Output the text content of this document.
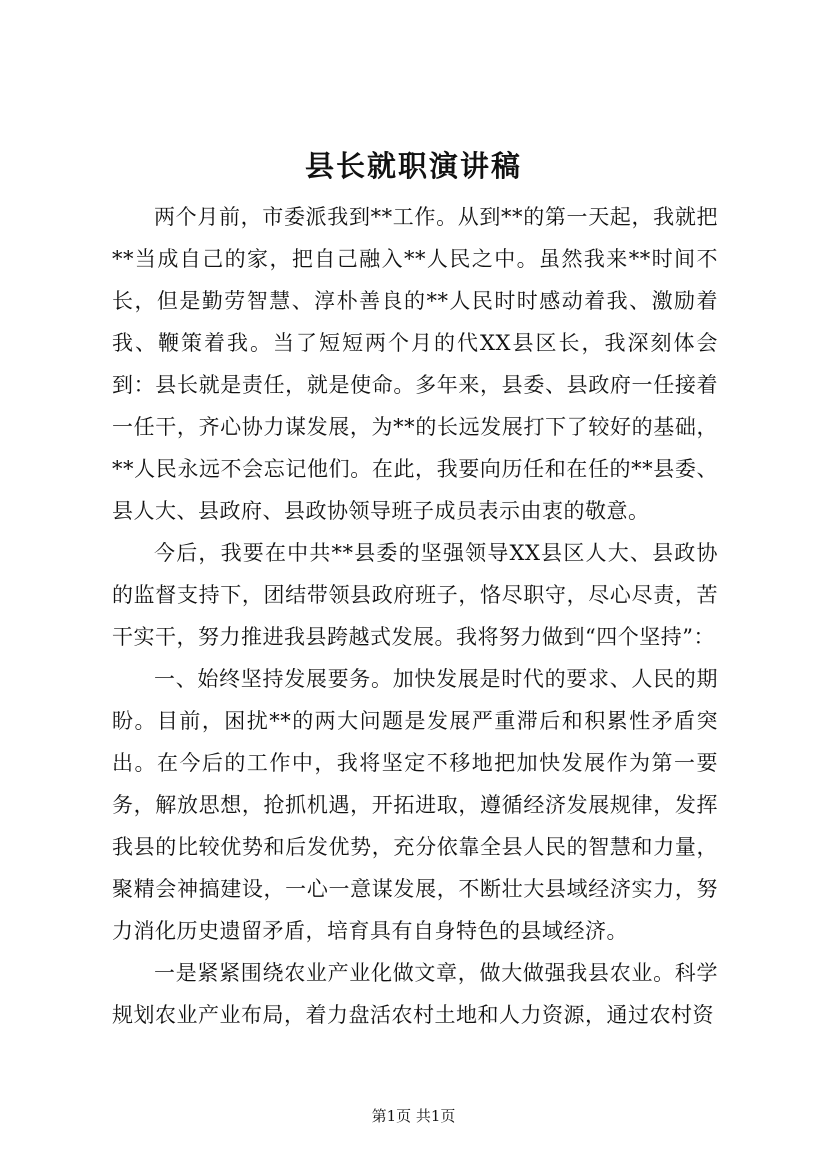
县长就职演讲稿

两个月前，市委派我到**工作。从到**的第一天起，我就把**当成自己的家，把自己融入**人民之中。虽然我来**时间不长，但是勤劳智慧、淳朴善良的**人民时时感动着我、激励着我、鞭策着我。当了短短两个月的代XX县区长，我深刻体会到：县长就是责任，就是使命。多年来，县委、县政府一任接着一任干，齐心协力谋发展，为**的长远发展打下了较好的基础，**人民永远不会忘记他们。在此，我要向历任和在任的**县委、县人大、县政府、县政协领导班子成员表示由衷的敬意。

今后，我要在中共**县委的坚强领导XX县区人大、县政协的监督支持下，团结带领县政府班子，恪尽职守，尽心尽责，苦干实干，努力推进我县跨越式发展。我将努力做到“四个坚持”：

一、始终坚持发展要务。加快发展是时代的要求、人民的期盼。目前，困扰**的两大问题是发展严重滞后和积累性矛盾突出。在今后的工作中，我将坚定不移地把加快发展作为第一要务，解放思想，抢抓机遇，开拓进取，遵循经济发展规律，发挥我县的比较优势和后发优势，充分依靠全县人民的智慧和力量，聚精会神搞建设，一心一意谋发展，不断壮大县域经济实力，努力消化历史遗留矛盾，培育具有自身特色的县域经济。

一是紧紧围绕农业产业化做文章，做大做强我县农业。科学规划农业产业布局，着力盘活农村土地和人力资源，通过农村资

第1页 共1页
